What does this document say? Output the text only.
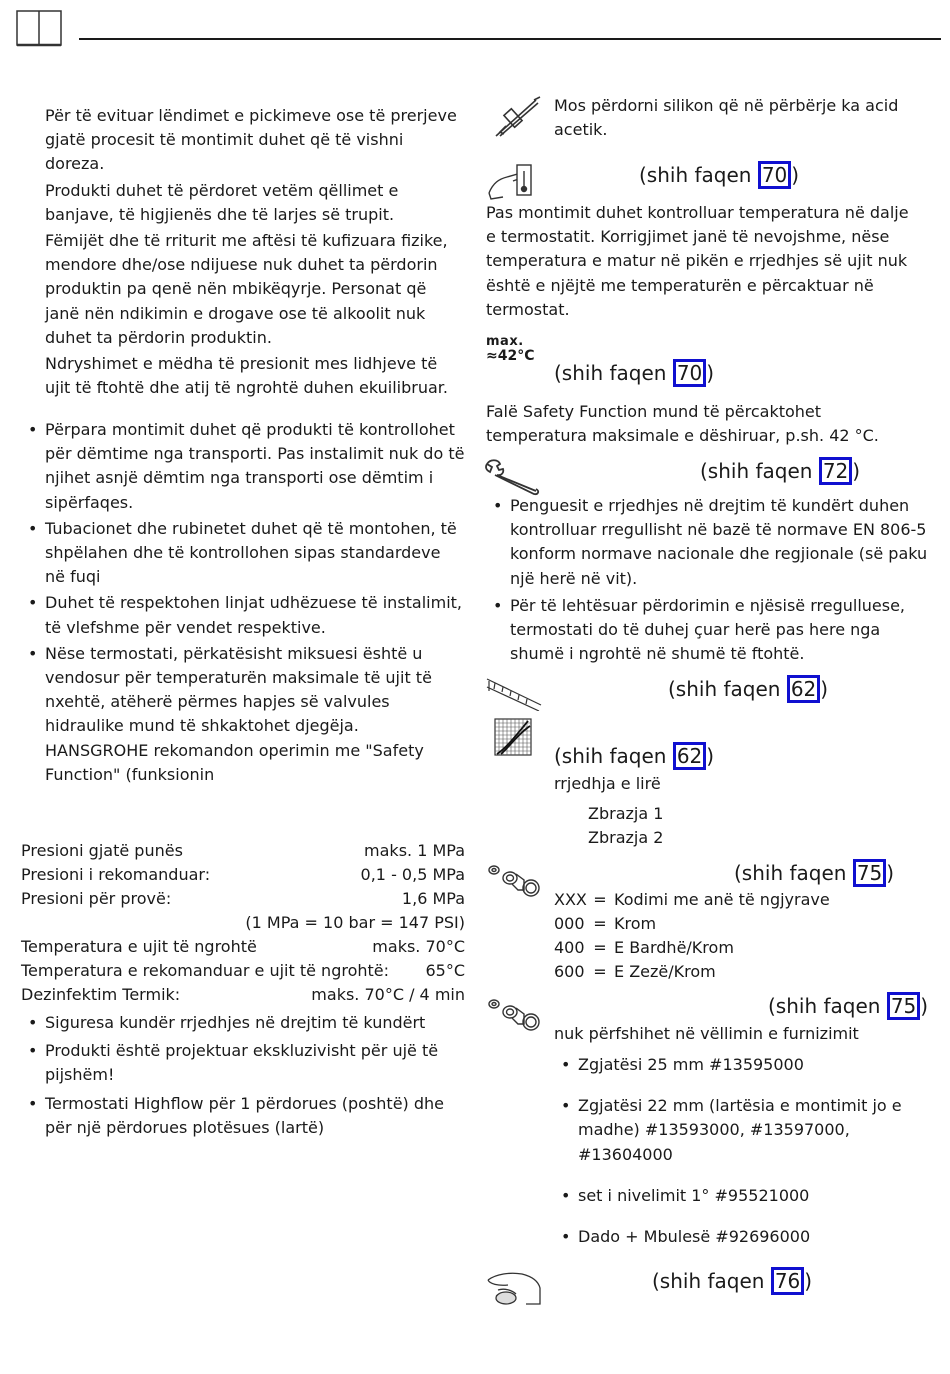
Për të evituar lëndimet e pickimeve ose të prerjeve gjatë procesit të montimit duhet që të vishni doreza.

Produkti duhet të përdoret vetëm qëllimet e banjave, të higjienës dhe të larjes së trupit.

Fëmijët dhe të rriturit me aftësi të kufizuara fizike, mendore dhe/ose ndijuese nuk duhet ta përdorin produktin pa qenë nën mbikëqyrje. Personat që janë nën ndikimin e drogave ose të alkoolit nuk duhet ta përdorin produktin.

Ndryshimet e mëdha të presionit mes lidhjeve të ujit të ftohtë dhe atij të ngrohtë duhen ekuilibruar.

• Përpara montimit duhet që produkti të kontrollohet për dëmtime nga transporti. Pas instalimit nuk do të njihet asnjë dëmtim nga transporti ose dëmtim i sipërfaqes.
• Tubacionet dhe rubinetet duhet që të montohen, të shpëlahen dhe të kontrollohen sipas standardeve në fuqi
• Duhet të respektohen linjat udhëzuese të instalimit, të vlefshme për vendet respektive.
• Nëse termostati, përkatësisht miksuesi është u vendosur për temperaturën maksimale të ujit të nxehtë, atëherë përmes hapjes së valvules hidraulike mund të shkaktohet djegëja. HANSGROHE rekomandon operimin me "Safety Function" (funksionin
Presioni gjatë punës	maks. 1 MPa
Presioni i rekomanduar:	0,1 - 0,5 MPa
Presioni për provë:	1,6 MPa
(1 MPa = 10 bar = 147 PSI)
Temperatura e ujit të ngrohtë	maks. 70°C
Temperatura e rekomanduar e ujit të ngrohtë: 65°C
Dezinfektim Termik:	maks. 70°C / 4 min
• Siguresa kundër rrjedhjes në drejtim të kundërt
• Produkti është projektuar ekskluzivisht për ujë të pijshëm!
• Termostati Highflow për 1 përdorues (poshtë) dhe për një përdorues plotësues (lartë)
Mos përdorni silikon që në përbërje ka acid acetik.
(shih faqen 70 )
Pas montimit duhet kontrolluar temperatura në dalje e termostatit. Korrigjimet janë të nevojshme, nëse temperatura e matur në pikën e rrjedhjes së ujit nuk është e njëjtë me temperaturën e përcaktuar në termostat.
max.
≈42°C
(shih faqen 70 )
Falë Safety Function mund të përcaktohet temperatura maksimale e dëshiruar, p.sh. 42 °C.
(shih faqen 72 )
• Penguesit e rrjedhjes në drejtim të kundërt duhen kontrolluar rregullisht në bazë të normave EN 806-5 konform normave nacionale dhe regjionale (së paku një herë në vit).
• Për të lehtësuar përdorimin e njësisë rregulluese, termostati do të duhej çuar herë pas here nga shumë i ngrohtë në shumë të ftohtë.
(shih faqen 62 )
(shih faqen 62 )
rrjedhja e lirë
Zbrazja 1
Zbrazja 2
(shih faqen 75 )
XXX = Kodimi me anë të ngjyrave
000 = Krom
400 = E Bardhë/Krom
600 = E Zezë/Krom
(shih faqen 75 )
nuk përfshihet në vëllimin e furnizimit
• Zgjatësi 25 mm #13595000
• Zgjatësi 22 mm (lartësia e montimit jo e madhe) #13593000, #13597000, #13604000
• set i nivelimit 1° #95521000
• Dado + Mbulesë #92696000
(shih faqen 76 )
